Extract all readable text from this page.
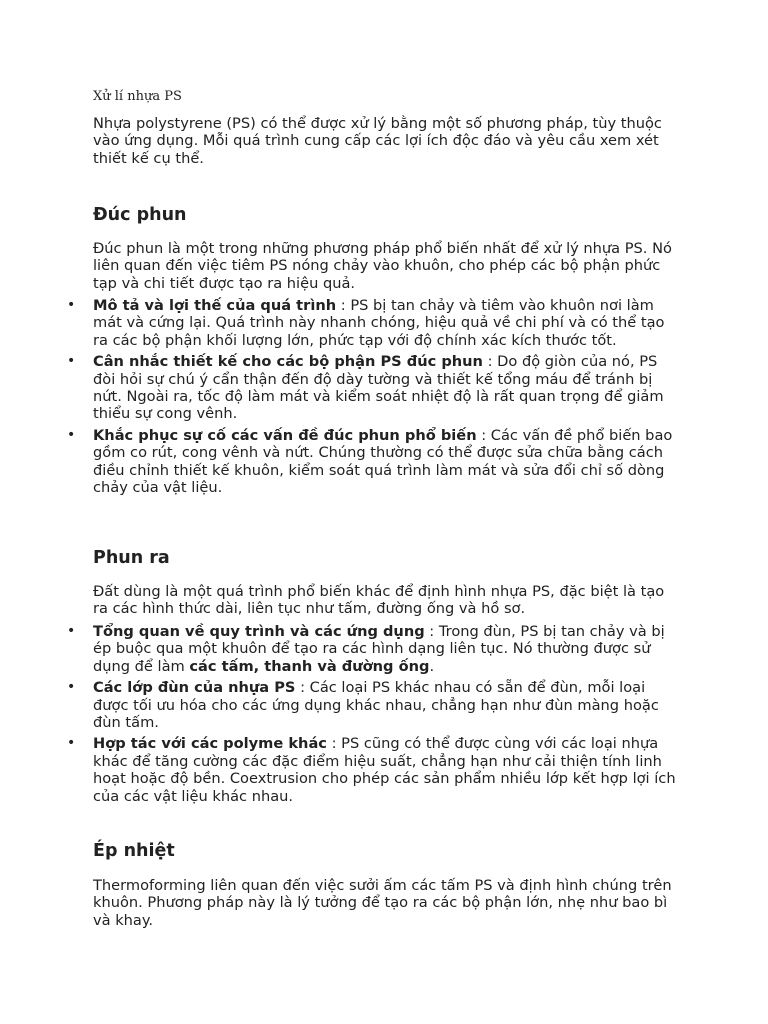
Xử lí nhựa PS

Nhựa polystyrene (PS) có thể được xử lý bằng một số phương pháp, tùy thuộc vào ứng dụng. Mỗi quá trình cung cấp các lợi ích độc đáo và yêu cầu xem xét thiết kế cụ thể.

Đúc phun

Đúc phun là một trong những phương pháp phổ biến nhất để xử lý nhựa PS. Nó liên quan đến việc tiêm PS nóng chảy vào khuôn, cho phép các bộ phận phức tạp và chi tiết được tạo ra hiệu quả.

• Mô tả và lợi thế của quá trình : PS bị tan chảy và tiêm vào khuôn nơi làm mát và cứng lại. Quá trình này nhanh chóng, hiệu quả về chi phí và có thể tạo ra các bộ phận khối lượng lớn, phức tạp với độ chính xác kích thước tốt.
• Cân nhắc thiết kế cho các bộ phận PS đúc phun : Do độ giòn của nó, PS đòi hỏi sự chú ý cẩn thận đến độ dày tường và thiết kế tổng máu để tránh bị nứt. Ngoài ra, tốc độ làm mát và kiểm soát nhiệt độ là rất quan trọng để giảm thiểu sự cong vênh.
• Khắc phục sự cố các vấn đề đúc phun phổ biến : Các vấn đề phổ biến bao gồm co rút, cong vênh và nứt. Chúng thường có thể được sửa chữa bằng cách điều chỉnh thiết kế khuôn, kiểm soát quá trình làm mát và sửa đổi chỉ số dòng chảy của vật liệu.
Phun ra

Đất dùng là một quá trình phổ biến khác để định hình nhựa PS, đặc biệt là tạo ra các hình thức dài, liên tục như tấm, đường ống và hồ sơ.

• Tổng quan về quy trình và các ứng dụng : Trong đùn, PS bị tan chảy và bị ép buộc qua một khuôn để tạo ra các hình dạng liên tục. Nó thường được sử dụng để làm các tấm, thanh và đường ống.
• Các lớp đùn của nhựa PS : Các loại PS khác nhau có sẵn để đùn, mỗi loại được tối ưu hóa cho các ứng dụng khác nhau, chẳng hạn như đùn màng hoặc đùn tấm.
• Hợp tác với các polyme khác : PS cũng có thể được cùng với các loại nhựa khác để tăng cường các đặc điểm hiệu suất, chẳng hạn như cải thiện tính linh hoạt hoặc độ bền. Coextrusion cho phép các sản phẩm nhiều lớp kết hợp lợi ích của các vật liệu khác nhau.
Ép nhiệt

Thermoforming liên quan đến việc sưởi ấm các tấm PS và định hình chúng trên khuôn. Phương pháp này là lý tưởng để tạo ra các bộ phận lớn, nhẹ như bao bì và khay.
